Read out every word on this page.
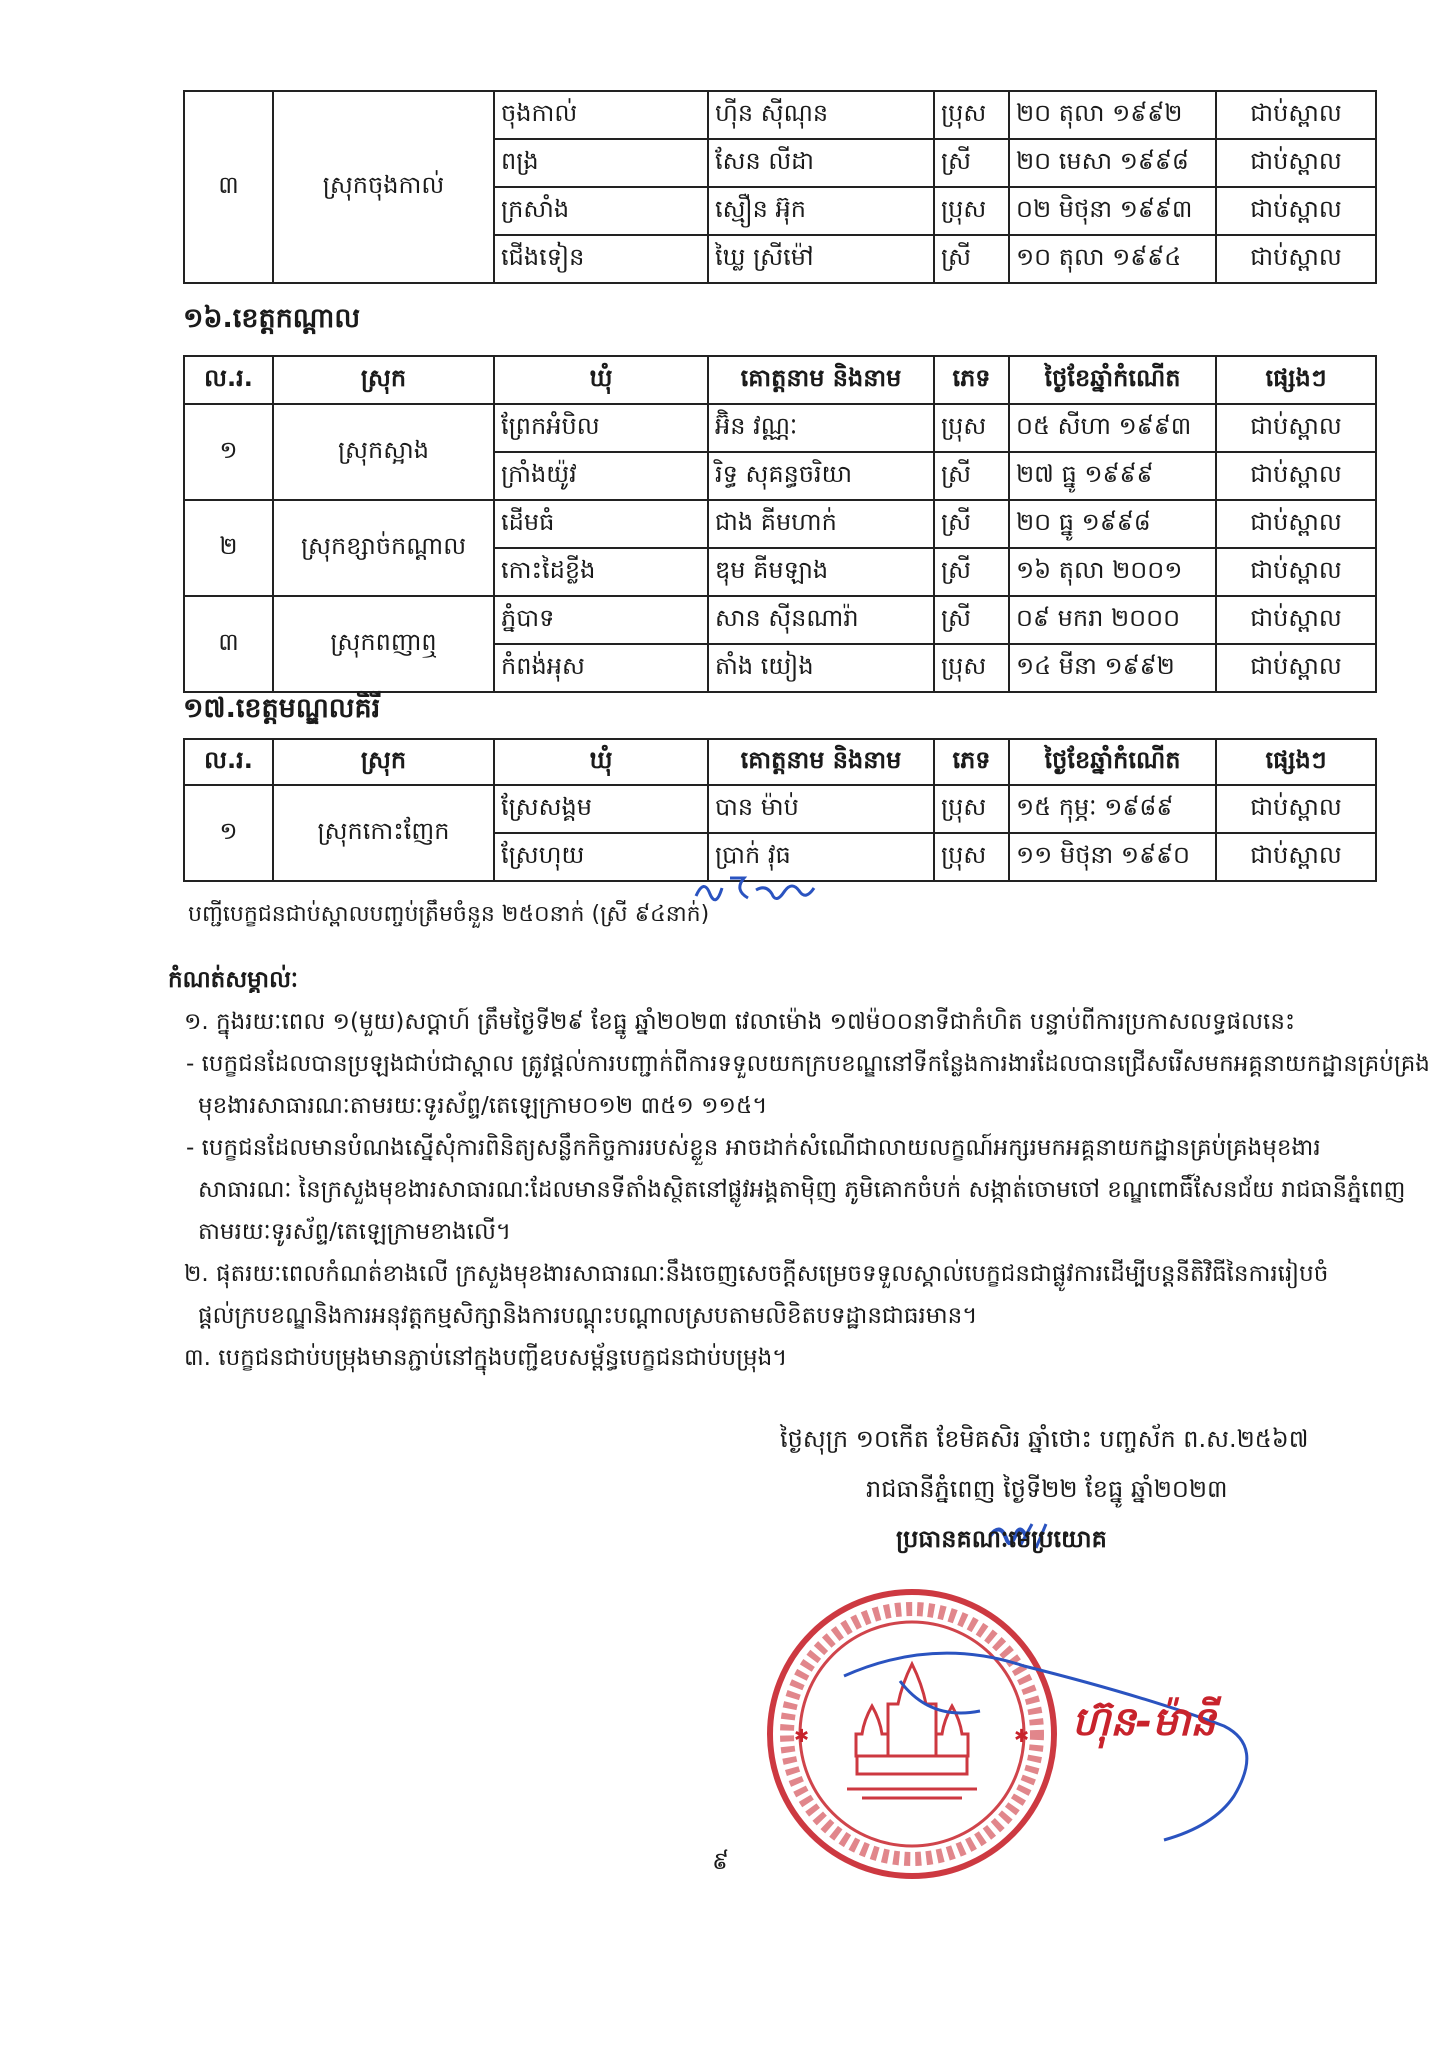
៣	ស្រុកចុងកាល់	ចុងកាល់	ហ៊ីន ស៊ីណុន	ប្រុស	២០ តុលា ១៩៩២	ជាប់ស្ពាល
		ពង្រ	សែន លីដា	ស្រី	២០ មេសា ១៩៩៨	ជាប់ស្ពាល
		ក្រសាំង	ស្មឿន អ៊ុក	ប្រុស	០២ មិថុនា ១៩៩៣	ជាប់ស្ពាល
		ជើងទៀន	ឃ្លៃ ស្រីម៉ៅ	ស្រី	១០ តុលា ១៩៩៤	ជាប់ស្ពាល
១៦.ខេត្តកណ្ដាល
ល.រ.	ស្រុក	ឃុំ	គោត្តនាម និងនាម	ភេទ	ថ្ងៃខែឆ្នាំកំណើត	ផ្សេងៗ
១	ស្រុកស្អាង	ព្រែកអំបិល	អ៊ិន វណ្ណៈ	ប្រុស	០៥ សីហា ១៩៩៣	ជាប់ស្ពាល
		ក្រាំងយ៉ូវ	រិទ្ធ សុគន្ធចរិយា	ស្រី	២៧ ធ្នូ ១៩៩៩	ជាប់ស្ពាល
២	ស្រុកខ្សាច់កណ្ដាល	ដើមធំ	ជាង គីមហាក់	ស្រី	២០ ធ្នូ ១៩៩៨	ជាប់ស្ពាល
		កោះដៃខ្លីង	ឌុម គីមឡាង	ស្រី	១៦ តុលា ២០០១	ជាប់ស្ពាល
៣	ស្រុកពញាឮ	ភ្នំបាទ	សាន ស៊ីនណារ៉ា	ស្រី	០៩ មករា ២០០០	ជាប់ស្ពាល
		កំពង់អុស	តាំង យៀង	ប្រុស	១៤ មីនា ១៩៩២	ជាប់ស្ពាល
១៧.ខេត្តមណ្ឌលគិរី
ល.រ.	ស្រុក	ឃុំ	គោត្តនាម និងនាម	ភេទ	ថ្ងៃខែឆ្នាំកំណើត	ផ្សេងៗ
១	ស្រុកកោះញែក	ស្រែសង្គម	បាន ម៉ាប់	ប្រុស	១៥ កុម្ភៈ ១៩៨៩	ជាប់ស្ពាល
		ស្រែហុយ	ប្រាក់ វុធ	ប្រុស	១១ មិថុនា ១៩៩០	ជាប់ស្ពាល
បញ្ជីបេក្ខជនជាប់ស្ពាលបញ្ចប់ត្រឹមចំនួន ២៥០នាក់ (ស្រី ៩៤នាក់)
កំណត់សម្គាល់ៈ
១. ក្នុងរយៈពេល ១(មួយ)សប្ដាហ៍ ត្រឹមថ្ងៃទី២៩ ខែធ្នូ ឆ្នាំ២០២៣ វេលាម៉ោង ១៧ម៉០០នាទីជាកំហិត បន្ទាប់ពីការប្រកាសលទ្ធផលនេះ
- បេក្ខជនដែលបានប្រឡងជាប់ជាស្ពាល ត្រូវផ្ដល់ការបញ្ជាក់ពីការទទួលយកក្របខណ្ឌនៅទីកន្លែងការងារដែលបានជ្រើសរើសមកអគ្គនាយកដ្ឋានគ្រប់គ្រង
មុខងារសាធារណៈតាមរយៈទូរស័ព្ទ/តេឡេក្រាម០១២ ៣៥១ ១១៥។
- បេក្ខជនដែលមានបំណងស្នើសុំការពិនិត្យសន្លឹកកិច្ចការរបស់ខ្លួន អាចដាក់សំណើជាលាយលក្ខណ៍អក្សរមកអគ្គនាយកដ្ឋានគ្រប់គ្រងមុខងារ
សាធារណៈ នៃក្រសួងមុខងារសាធារណៈដែលមានទីតាំងស្ថិតនៅផ្លូវអង្គតាម៉ិញ ភូមិគោកចំបក់ សង្កាត់ចោមចៅ ខណ្ឌពោធិ៍សែនជ័យ រាជធានីភ្នំពេញ
តាមរយៈទូរស័ព្ទ/តេឡេក្រាមខាងលើ។
២. ផុតរយៈពេលកំណត់ខាងលើ ក្រសួងមុខងារសាធារណៈនឹងចេញសេចក្ដីសម្រេចទទួលស្គាល់បេក្ខជនជាផ្លូវការដើម្បីបន្តនីតិវិធីនៃការរៀបចំ
ផ្ដល់ក្របខណ្ឌនិងការអនុវត្តកម្មសិក្សានិងការបណ្ដុះបណ្ដាលស្របតាមលិខិតបទដ្ឋានជាធរមាន។
៣. បេក្ខជនជាប់បម្រុងមានភ្ជាប់នៅក្នុងបញ្ជីឧបសម្ព័ន្ធបេក្ខជនជាប់បម្រុង។
ថ្ងៃសុក្រ ១០កើត ខែមិគសិរ ឆ្នាំថោះ បញ្ចស័ក ព.ស.២៥៦៧
រាជធានីភ្នំពេញ ថ្ងៃទី២២ ខែធ្នូ ឆ្នាំ២០២៣
✱	✱
ប្រធានគណៈមេប្រយោគ
ហ៊ុន-ម៉ានី
៩
